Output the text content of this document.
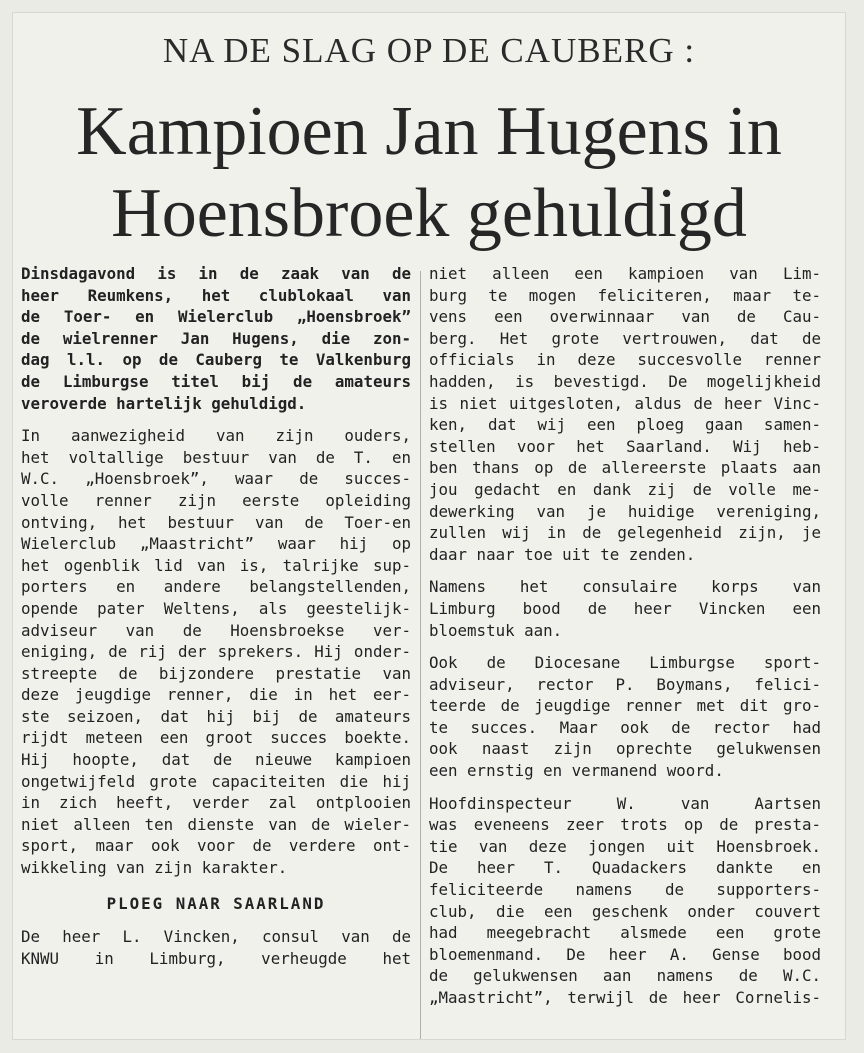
NA DE SLAG OP DE CAUBERG :
Kampioen Jan Hugens in
Hoensbroek gehuldigd

Dinsdagavond is in de zaak van de
heer Reumkens, het clublokaal van
de Toer- en Wielerclub „Hoensbroek”
de wielrenner Jan Hugens, die zon-
dag l.l. op de Cauberg te Valkenburg
de Limburgse titel bij de amateurs
veroverde hartelijk gehuldigd.

In aanwezigheid van zijn ouders,
het voltallige bestuur van de T. en
W.C. „Hoensbroek”, waar de succes-
volle renner zijn eerste opleiding
ontving, het bestuur van de Toer-en
Wielerclub „Maastricht” waar hij op
het ogenblik lid van is, talrijke sup-
porters en andere belangstellenden,
opende pater Weltens, als geestelijk-
adviseur van de Hoensbroekse ver-
eniging, de rij der sprekers. Hij onder-
streepte de bijzondere prestatie van
deze jeugdige renner, die in het eer-
ste seizoen, dat hij bij de amateurs
rijdt meteen een groot succes boekte.
Hij hoopte, dat de nieuwe kampioen
ongetwijfeld grote capaciteiten die hij
in zich heeft, verder zal ontplooien
niet alleen ten dienste van de wieler-
sport, maar ook voor de verdere ont-
wikkeling van zijn karakter.

PLOEG NAAR SAARLAND

De heer L. Vincken, consul van de
KNWU in Limburg, verheugde het

niet alleen een kampioen van Lim-
burg te mogen feliciteren, maar te-
vens een overwinnaar van de Cau-
berg. Het grote vertrouwen, dat de
officials in deze succesvolle renner
hadden, is bevestigd. De mogelijkheid
is niet uitgesloten, aldus de heer Vinc-
ken, dat wij een ploeg gaan samen-
stellen voor het Saarland. Wij heb-
ben thans op de allereerste plaats aan
jou gedacht en dank zij de volle me-
dewerking van je huidige vereniging,
zullen wij in de gelegenheid zijn, je
daar naar toe uit te zenden.

Namens het consulaire korps van
Limburg bood de heer Vincken een
bloemstuk aan.

Ook de Diocesane Limburgse sport-
adviseur, rector P. Boymans, felici-
teerde de jeugdige renner met dit gro-
te succes. Maar ook de rector had
ook naast zijn oprechte gelukwensen
een ernstig en vermanend woord.

Hoofdinspecteur W. van Aartsen
was eveneens zeer trots op de presta-
tie van deze jongen uit Hoensbroek.
De heer T. Quadackers dankte en
feliciteerde namens de supporters-
club, die een geschenk onder couvert
had meegebracht alsmede een grote
bloemenmand. De heer A. Gense bood
de gelukwensen aan namens de W.C.
„Maastricht”, terwijl de heer Cornelis-
